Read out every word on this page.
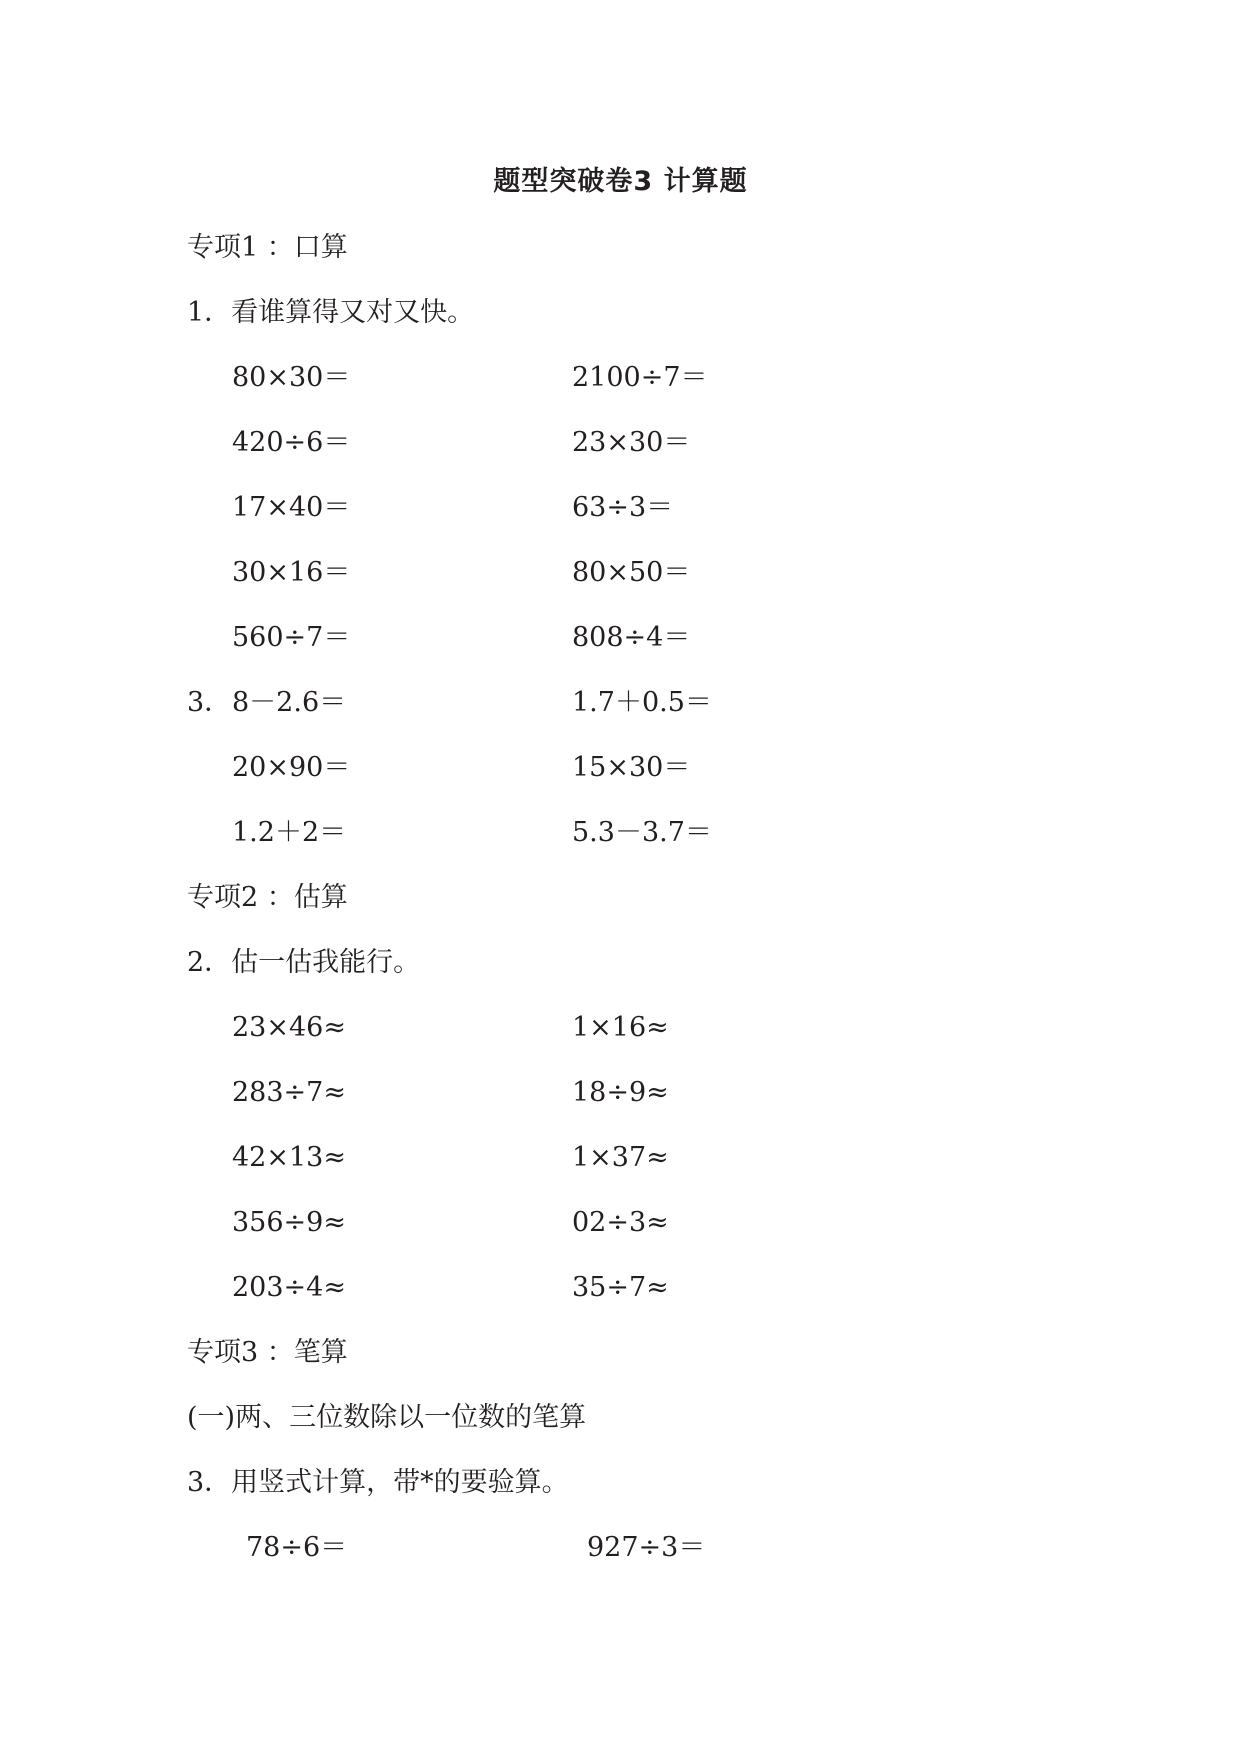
题型突破卷3 计算题
专项1 ：口算
1．看谁算得又对又快。
80×30＝	2100÷7＝
420÷6＝	23×30＝
17×40＝	63÷3＝
30×16＝	80×50＝
560÷7＝	808÷4＝
3． 8－2.6＝	1.7＋0.5＝
20×90＝	15×30＝
1.2＋2＝	5.3－3.7＝
专项2 ：估算
2．估一估我能行。
23×46≈	1×16≈
283÷7≈	18÷9≈
42×13≈	1×37≈
356÷9≈	02÷3≈
203÷4≈	35÷7≈
专项3 ：笔算
(一)两、三位数除以一位数的笔算
3．用竖式计算，带*的要验算。
78÷6＝	927÷3＝
